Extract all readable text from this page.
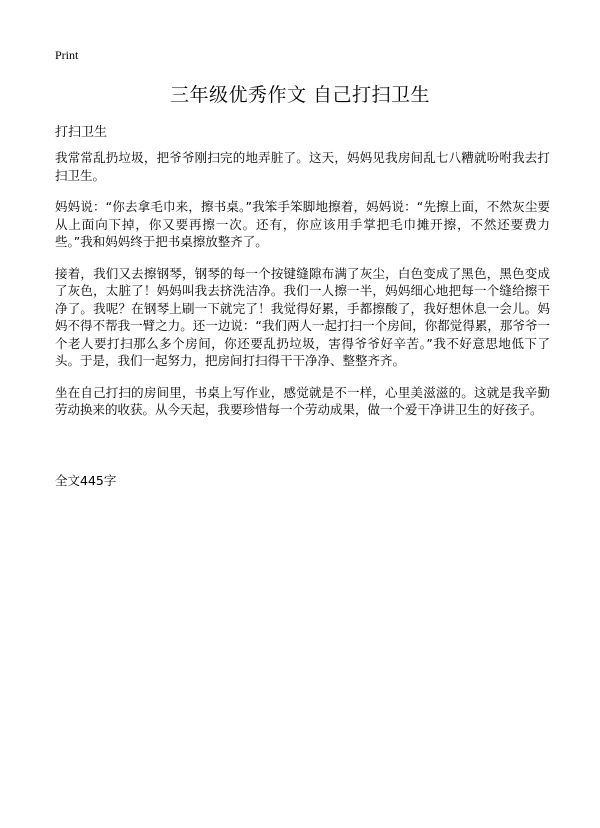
Print
三年级优秀作文 自己打扫卫生

打扫卫生

我常常乱扔垃圾，把爷爷刚扫完的地弄脏了。这天，妈妈见我房间乱七八糟就吩咐我去打扫卫生。

妈妈说：“你去拿毛巾来，擦书桌。”我笨手笨脚地擦着，妈妈说：“先擦上面，不然灰尘要从上面向下掉，你又要再擦一次。还有，你应该用手掌把毛巾摊开擦，不然还要费力些。”我和妈妈终于把书桌擦放整齐了。

接着，我们又去擦钢琴，钢琴的每一个按键缝隙布满了灰尘，白色变成了黑色，黑色变成了灰色，太脏了！妈妈叫我去挤洗洁净。我们一人擦一半，妈妈细心地把每一个缝给擦干净了。我呢？在钢琴上刷一下就完了！我觉得好累，手都擦酸了，我好想休息一会儿。妈妈不得不帮我一臂之力。还一边说：“我们两人一起打扫一个房间，你都觉得累，那爷爷一个老人要打扫那么多个房间，你还要乱扔垃圾，害得爷爷好辛苦。”我不好意思地低下了头。于是，我们一起努力，把房间打扫得干干净净、整整齐齐。

坐在自己打扫的房间里，书桌上写作业，感觉就是不一样，心里美滋滋的。这就是我辛勤劳动换来的收获。从今天起，我要珍惜每一个劳动成果，做一个爱干净讲卫生的好孩子。

全文445字
